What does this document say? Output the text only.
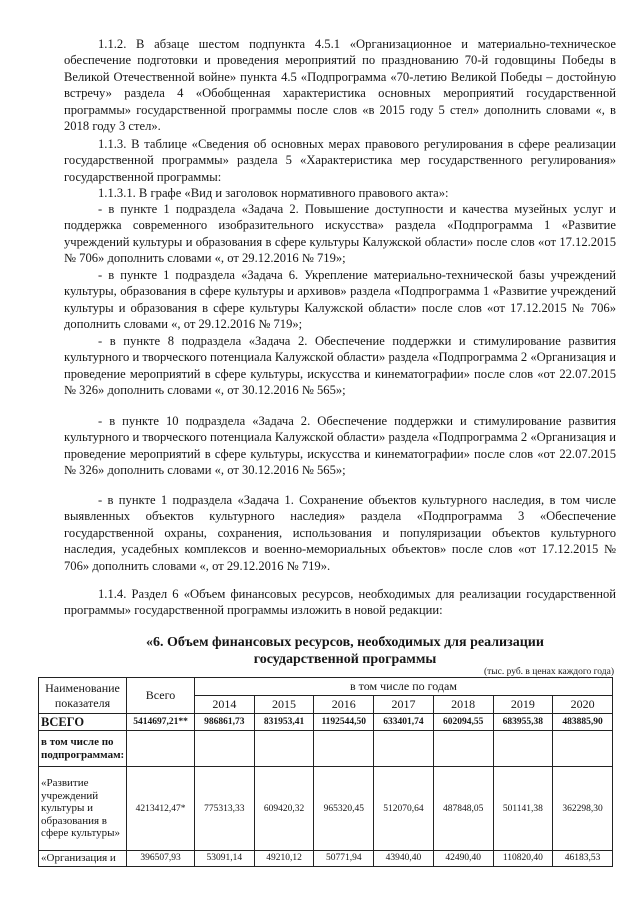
1.1.2. В абзаце шестом подпункта 4.5.1 «Организационное и материально-техническое обеспечение подготовки и проведения мероприятий по празднованию 70-й годовщины Победы в Великой Отечественной войне» пункта 4.5 «Подпрограмма «70-летию Великой Победы – достойную встречу» раздела 4 «Обобщенная характеристика основных мероприятий государственной программы» государственной программы после слов «в 2015 году 5 стел» дополнить словами «, в 2018 году 3 стел».

1.1.3. В таблице «Сведения об основных мерах правового регулирования в сфере реализации государственной программы» раздела 5 «Характеристика мер государственного регулирования» государственной программы:

1.1.3.1. В графе «Вид и заголовок нормативного правового акта»:

- в пункте 1 подраздела «Задача 2. Повышение доступности и качества музейных услуг и поддержка современного изобразительного искусства» раздела «Подпрограмма 1 «Развитие учреждений культуры и образования в сфере культуры Калужской области» после слов «от 17.12.2015 № 706» дополнить словами «, от 29.12.2016 № 719»;

- в пункте 1 подраздела «Задача 6. Укрепление материально-технической базы учреждений культуры, образования в сфере культуры и архивов» раздела «Подпрограмма 1 «Развитие учреждений культуры и образования в сфере культуры Калужской области» после слов «от 17.12.2015 № 706» дополнить словами «, от 29.12.2016 № 719»;

- в пункте 8 подраздела «Задача 2. Обеспечение поддержки и стимулирование развития культурного и творческого потенциала Калужской области» раздела «Подпрограмма 2 «Организация и проведение мероприятий в сфере культуры, искусства и кинематографии» после слов «от 22.07.2015 № 326» дополнить словами «, от 30.12.2016 № 565»;

- в пункте 10 подраздела «Задача 2. Обеспечение поддержки и стимулирование развития культурного и творческого потенциала Калужской области» раздела «Подпрограмма 2 «Организация и проведение мероприятий в сфере культуры, искусства и кинематографии» после слов «от 22.07.2015 № 326» дополнить словами «, от 30.12.2016 № 565»;

- в пункте 1 подраздела «Задача 1. Сохранение объектов культурного наследия, в том числе выявленных объектов культурного наследия» раздела «Подпрограмма 3 «Обеспечение государственной охраны, сохранения, использования и популяризации объектов культурного наследия, усадебных комплексов и военно-мемориальных объектов» после слов «от 17.12.2015 № 706» дополнить словами «, от 29.12.2016 № 719».

1.1.4. Раздел 6 «Объем финансовых ресурсов, необходимых для реализации государственной программы» государственной программы изложить в новой редакции:

«6. Объем финансовых ресурсов, необходимых для реализации государственной программы

(тыс. руб. в ценах каждого года)
Наименование показателя	Всего	в том числе по годам						
		2014	2015	2016	2017	2018	2019	2020
ВСЕГО	5414697,21**	986861,73	831953,41	1192544,50	633401,74	602094,55	683955,38	483885,90
в том числе по подпрограммам:								
«Развитие учреждений культуры и образования в сфере культуры»	4213412,47*	775313,33	609420,32	965320,45	512070,64	487848,05	501141,38	362298,30
«Организация и	396507,93	53091,14	49210,12	50771,94	43940,40	42490,40	110820,40	46183,53
